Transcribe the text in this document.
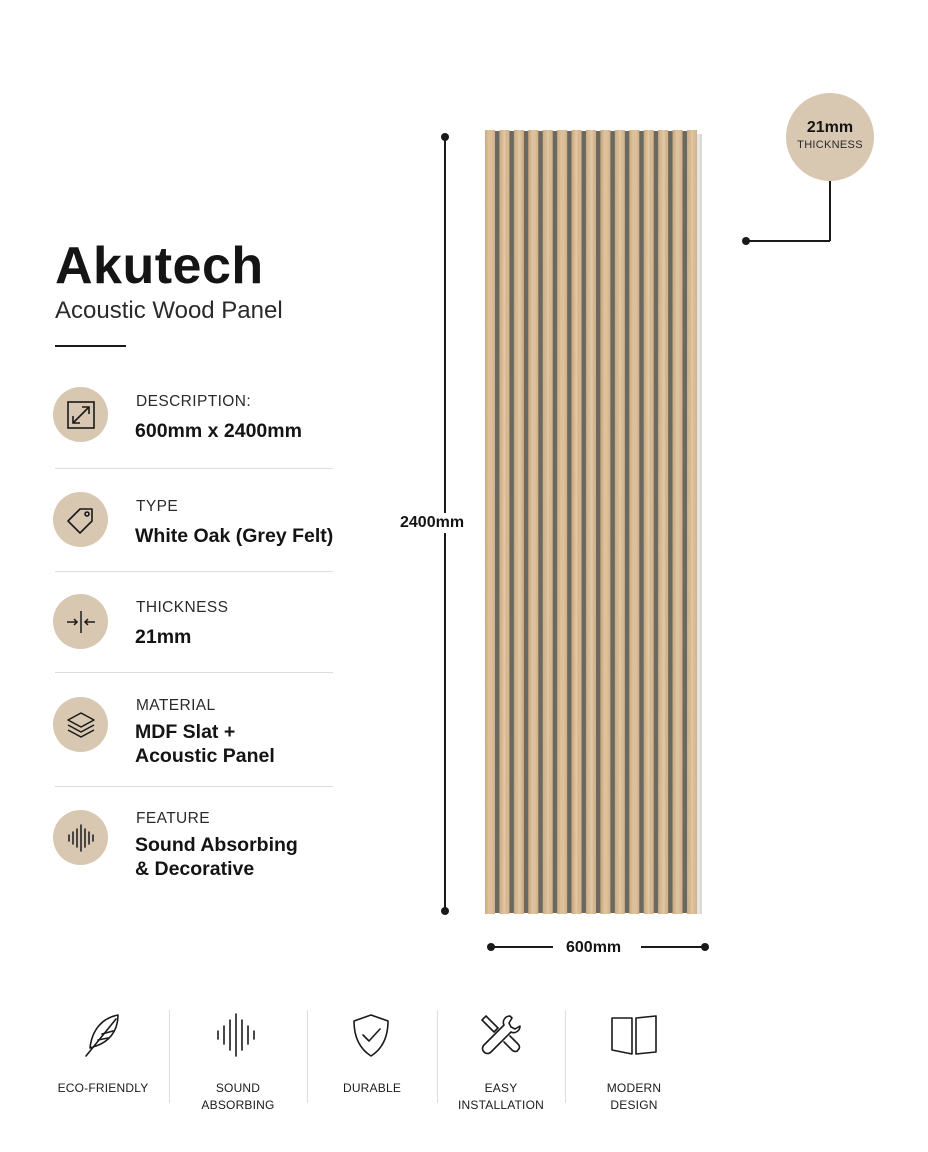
Akutech
Acoustic Wood Panel
DESCRIPTION:
600mm x 2400mm
TYPE
White Oak (Grey Felt)
THICKNESS
21mm
MATERIAL
MDF Slat +
Acoustic Panel
FEATURE
Sound Absorbing
& Decorative
2400mm
600mm
21mm
THICKNESS
ECO-FRIENDLY	SOUND
ABSORBING
DURABLE	EASY
INSTALLATION
MODERN
DESIGN
